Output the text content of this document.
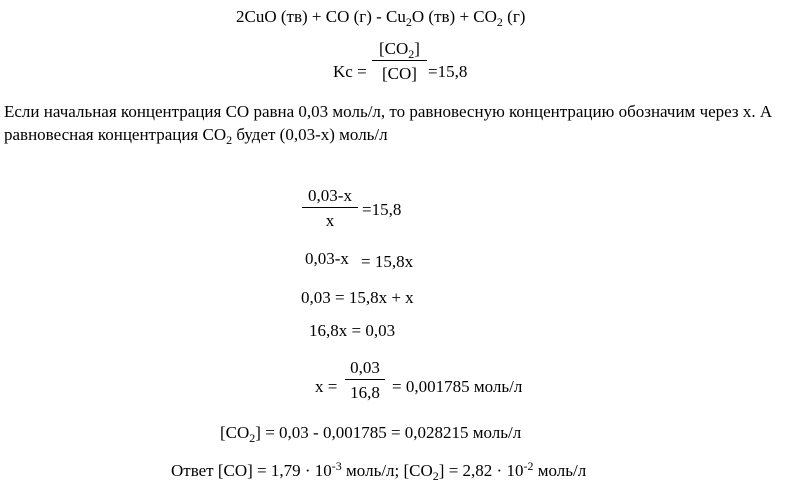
2CuO (тв) + CO $(г) - Cu_2O$ $(тв) + CO_2$ (г)
Kc =
$[CO_2]$
[CO] =15,8
Если начальная концентрация CO равна 0,03 моль/л, то равновесную концентрацию обозначим через x. А равновесная концентрация $CO_2$ будет (0,03-x) моль/л
0,03-x
x
=15,8
0,03-x = 15,8x
0,03 = 15,8x + x
16,8x = 0,03
x =
0,03
16,8 = 0,001785 моль/л
$[CO_2] = 0,03 - 0,001785 = 0,028215$ моль/л
Ответ $[CO] = 1,79 \cdot 10^{-3}$ моль/л; $[CO_2] = 2,82 \cdot 10^{-2}$ моль/л
